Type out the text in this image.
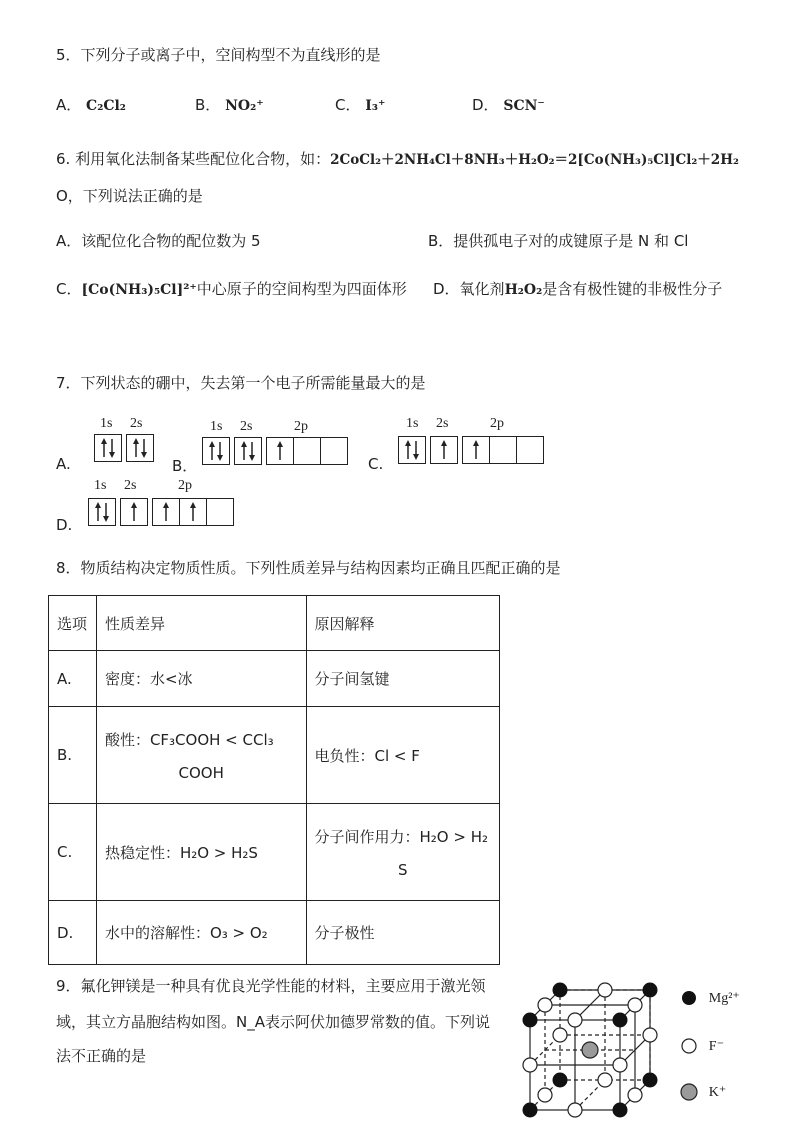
5．下列分子或离子中，空间构型不为直线形的是
A． C₂Cl₂	B． NO₂⁺	C． I₃⁺	D． SCN⁻
6. 利用氧化法制备某些配位化合物，如：2CoCl₂＋2NH₄Cl＋8NH₃＋H₂O₂＝2[Co(NH₃)₅Cl]Cl₂＋2H₂
O，下列说法正确的是
A．该配位化合物的配位数为 5	B．提供孤电子对的成键原子是 N 和 Cl
C．[Co(NH₃)₅Cl]²⁺中心原子的空间构型为四面体形 D．氧化剂H₂O₂是含有极性键的非极性分子
7．下列状态的硼中，失去第一个电子所需能量最大的是
A.
1s 2s
B．
1s 2s	2p
C.
1s 2s	2p
D.
1s 2s	2p
8．物质结构决定物质性质。下列性质差异与结构因素均正确且匹配正确的是
选项	性质差异	原因解释
A.	密度：水<冰	分子间氢键
B.	酸性：CF₃COOH < CCl₃
COOH	电负性：Cl < F
C.	热稳定性：H₂O > H₂S	分子间作用力：H₂O > H₂
S

D.	水中的溶解性：O₃ > O₂	分子极性
9．氟化钾镁是一种具有优良光学性能的材料，主要应用于激光领
域，其立方晶胞结构如图。N_A表示阿伏加德罗常数的值。下列说
法不正确的是
Mg²⁺
F⁻
K⁺
